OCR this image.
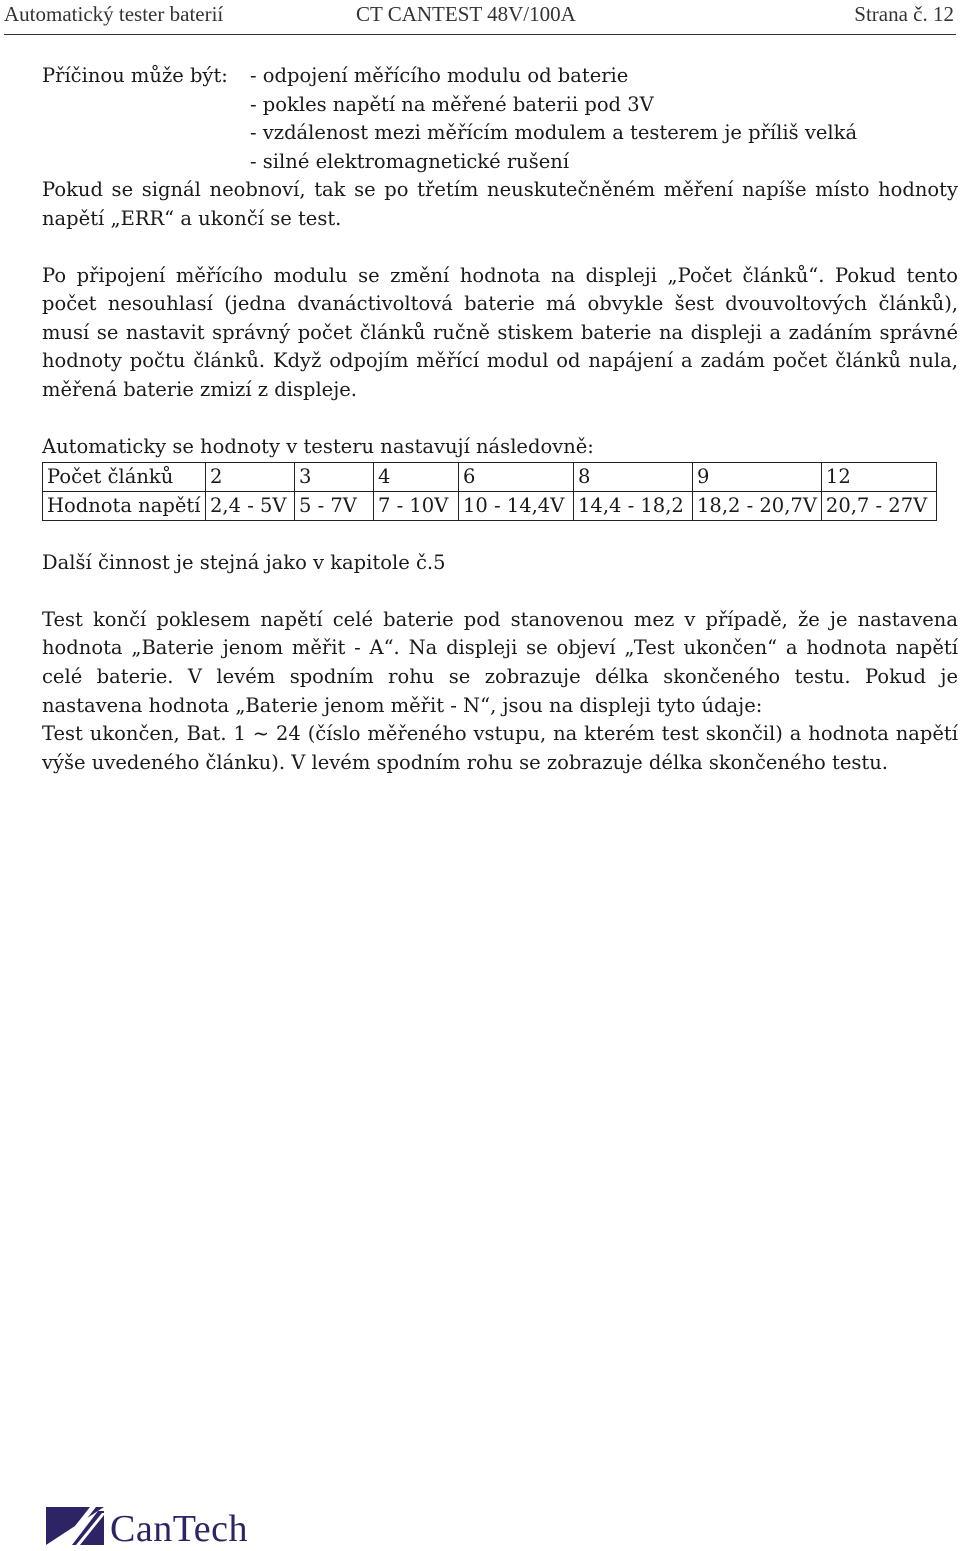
Automatický tester baterií	CT CANTEST 48V/100A	Strana č. 12
Příčinou může být:	- odpojení měřícího modulu od baterie
- pokles napětí na měřené baterii pod 3V
- vzdálenost mezi měřícím modulem a testerem je příliš velká
- silné elektromagnetické rušení

Pokud se signál neobnoví, tak se po třetím neuskutečněném měření napíše místo hodnoty napětí „ERR“ a ukončí se test.

Po připojení měřícího modulu se změní hodnota na displeji „Počet článků“. Pokud tento počet nesouhlasí (jedna dvanáctivoltová baterie má obvykle šest dvouvoltových článků), musí se nastavit správný počet článků ručně stiskem baterie na displeji a zadáním správné hodnoty počtu článků. Když odpojím měřící modul od napájení a zadám počet článků nula, měřená baterie zmizí z displeje.

Automaticky se hodnoty v testeru nastavují následovně:

Počet článků	2	3	4	6	8	9	12
Hodnota napětí	2,4 - 5V	5 - 7V	7 - 10V	10 - 14,4V	14,4 - 18,2	18,2 - 20,7V	20,7 - 27V

Další činnost je stejná jako v kapitole č.5

Test končí poklesem napětí celé baterie pod stanovenou mez v případě, že je nastavena hodnota „Baterie jenom měřit - A“. Na displeji se objeví „Test ukončen“ a hodnota napětí celé baterie. V levém spodním rohu se zobrazuje délka skončeného testu. Pokud je nastavena hodnota „Baterie jenom měřit - N“, jsou na displeji tyto údaje:

Test ukončen, Bat. 1 ~ 24 (číslo měřeného vstupu, na kterém test skončil) a hodnota napětí výše uvedeného článku). V levém spodním rohu se zobrazuje délka skončeného testu.

CanTech
